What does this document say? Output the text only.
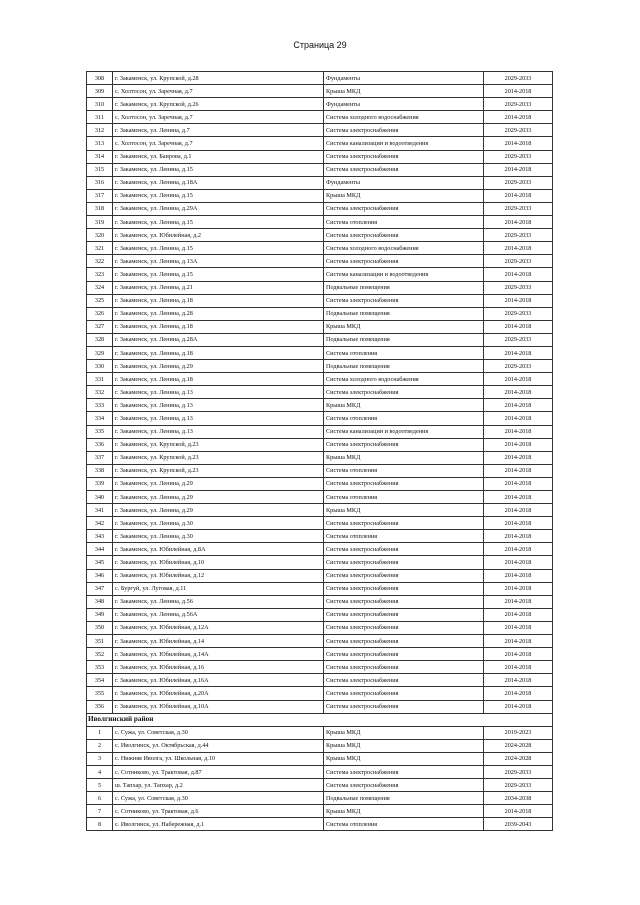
Страница 29
308	г. Закаменск, ул. Крупской, д.28	Фундаменты	2029-2033
309	с. Холтосон, ул. Заречная, д.7	Крыша МКД	2014-2018
310	г. Закаменск, ул. Крупской, д.26	Фундаменты	2029-2033
311	с. Холтосон, ул. Заречная, д.7	Система холодного водоснабжения	2014-2018
312	г. Закаменск, ул. Ленина, д.7	Система электроснабжения	2029-2033
313	с. Холтосон, ул. Заречная, д.7	Система канализации и водоотведения	2014-2018
314	г. Закаменск, ул. Баирова, д.1	Система электроснабжения	2029-2033
315	г. Закаменск, ул. Ленина, д.15	Система электроснабжения	2014-2018
316	г. Закаменск, ул. Ленина, д.18А	Фундаменты	2029-2033
317	г. Закаменск, ул. Ленина, д.15	Крыша МКД	2014-2018
318	г. Закаменск, ул. Ленина, д.29А	Система электроснабжения	2029-2033
319	г. Закаменск, ул. Ленина, д.15	Система отопления	2014-2018
320	г. Закаменск, ул. Юбилейная, д.2	Система электроснабжения	2029-2033
321	г. Закаменск, ул. Ленина, д.15	Система холодного водоснабжения	2014-2018
322	г. Закаменск, ул. Ленина, д.13А	Система электроснабжения	2029-2033
323	г. Закаменск, ул. Ленина, д.15	Система канализации и водоотведения	2014-2018
324	г. Закаменск, ул. Ленина, д.21	Подвальные помещения	2029-2033
325	г. Закаменск, ул. Ленина, д.18	Система электроснабжения	2014-2018
326	г. Закаменск, ул. Ленина, д.28	Подвальные помещения	2029-2033
327	г. Закаменск, ул. Ленина, д.18	Крыша МКД	2014-2018
328	г. Закаменск, ул. Ленина, д.28А	Подвальные помещения	2029-2033
329	г. Закаменск, ул. Ленина, д.18	Система отопления	2014-2018
330	г. Закаменск, ул. Ленина, д.29	Подвальные помещения	2029-2033
331	г. Закаменск, ул. Ленина, д.18	Система холодного водоснабжения	2014-2018
332	г. Закаменск, ул. Ленина, д.13	Система электроснабжения	2014-2018
333	г. Закаменск, ул. Ленина, д.13	Крыша МКД	2014-2018
334	г. Закаменск, ул. Ленина, д.13	Система отопления	2014-2018
335	г. Закаменск, ул. Ленина, д.13	Система канализации и водоотведения	2014-2018
336	г. Закаменск, ул. Крупской, д.23	Система электроснабжения	2014-2018
337	г. Закаменск, ул. Крупской, д.23	Крыша МКД	2014-2018
338	г. Закаменск, ул. Крупской, д.23	Система отопления	2014-2018
339	г. Закаменск, ул. Ленина, д.29	Система электроснабжения	2014-2018
340	г. Закаменск, ул. Ленина, д.29	Система отопления	2014-2018
341	г. Закаменск, ул. Ленина, д.29	Крыша МКД	2014-2018
342	г. Закаменск, ул. Ленина, д.30	Система электроснабжения	2014-2018
343	г. Закаменск, ул. Ленина, д.30	Система отопления	2014-2018
344	г. Закаменск, ул. Юбилейная, д.8А	Система электроснабжения	2014-2018
345	г. Закаменск, ул. Юбилейная, д.10	Система электроснабжения	2014-2018
346	г. Закаменск, ул. Юбилейная, д.12	Система электроснабжения	2014-2018
347	с. Бургуй, ул. Луговая, д.11	Система электроснабжения	2014-2018
348	г. Закаменск, ул. Ленина, д.56	Система электроснабжения	2014-2018
349	г. Закаменск, ул. Ленина, д.56А	Система электроснабжения	2014-2018
350	г. Закаменск, ул. Юбилейная, д.12А	Система электроснабжения	2014-2018
351	г. Закаменск, ул. Юбилейная, д.14	Система электроснабжения	2014-2018
352	г. Закаменск, ул. Юбилейная, д.14А	Система электроснабжения	2014-2018
353	г. Закаменск, ул. Юбилейная, д.16	Система электроснабжения	2014-2018
354	г. Закаменск, ул. Юбилейная, д.16А	Система электроснабжения	2014-2018
355	г. Закаменск, ул. Юбилейная, д.20А	Система электроснабжения	2014-2018
356	г. Закаменск, ул. Юбилейная, д.10А	Система электроснабжения	2014-2018
Иволгинский район			
1	с. Сужа, ул. Советская, д.30	Крыша МКД	2019-2023
2	с. Иволгинск, ул. Октябрьская, д.44	Крыша МКД	2024-2028
3	с. Нижняя Иволга, ул. Школьная, д.10	Крыша МКД	2024-2028
4	с. Сотниково, ул. Трактовая, д.87	Система электроснабжения	2029-2033
5	ш. Тапхар, ул. Тапхар, д.2	Система электроснабжения	2029-2033
6	с. Сужа, ул. Советская, д.30	Подвальные помещения	2034-2038
7	с. Сотниково, ул. Трактовая, д.6	Крыша МКД	2014-2018
8	с. Иволгинск, ул. Набережная, д.1	Система отопления	2039-2043
